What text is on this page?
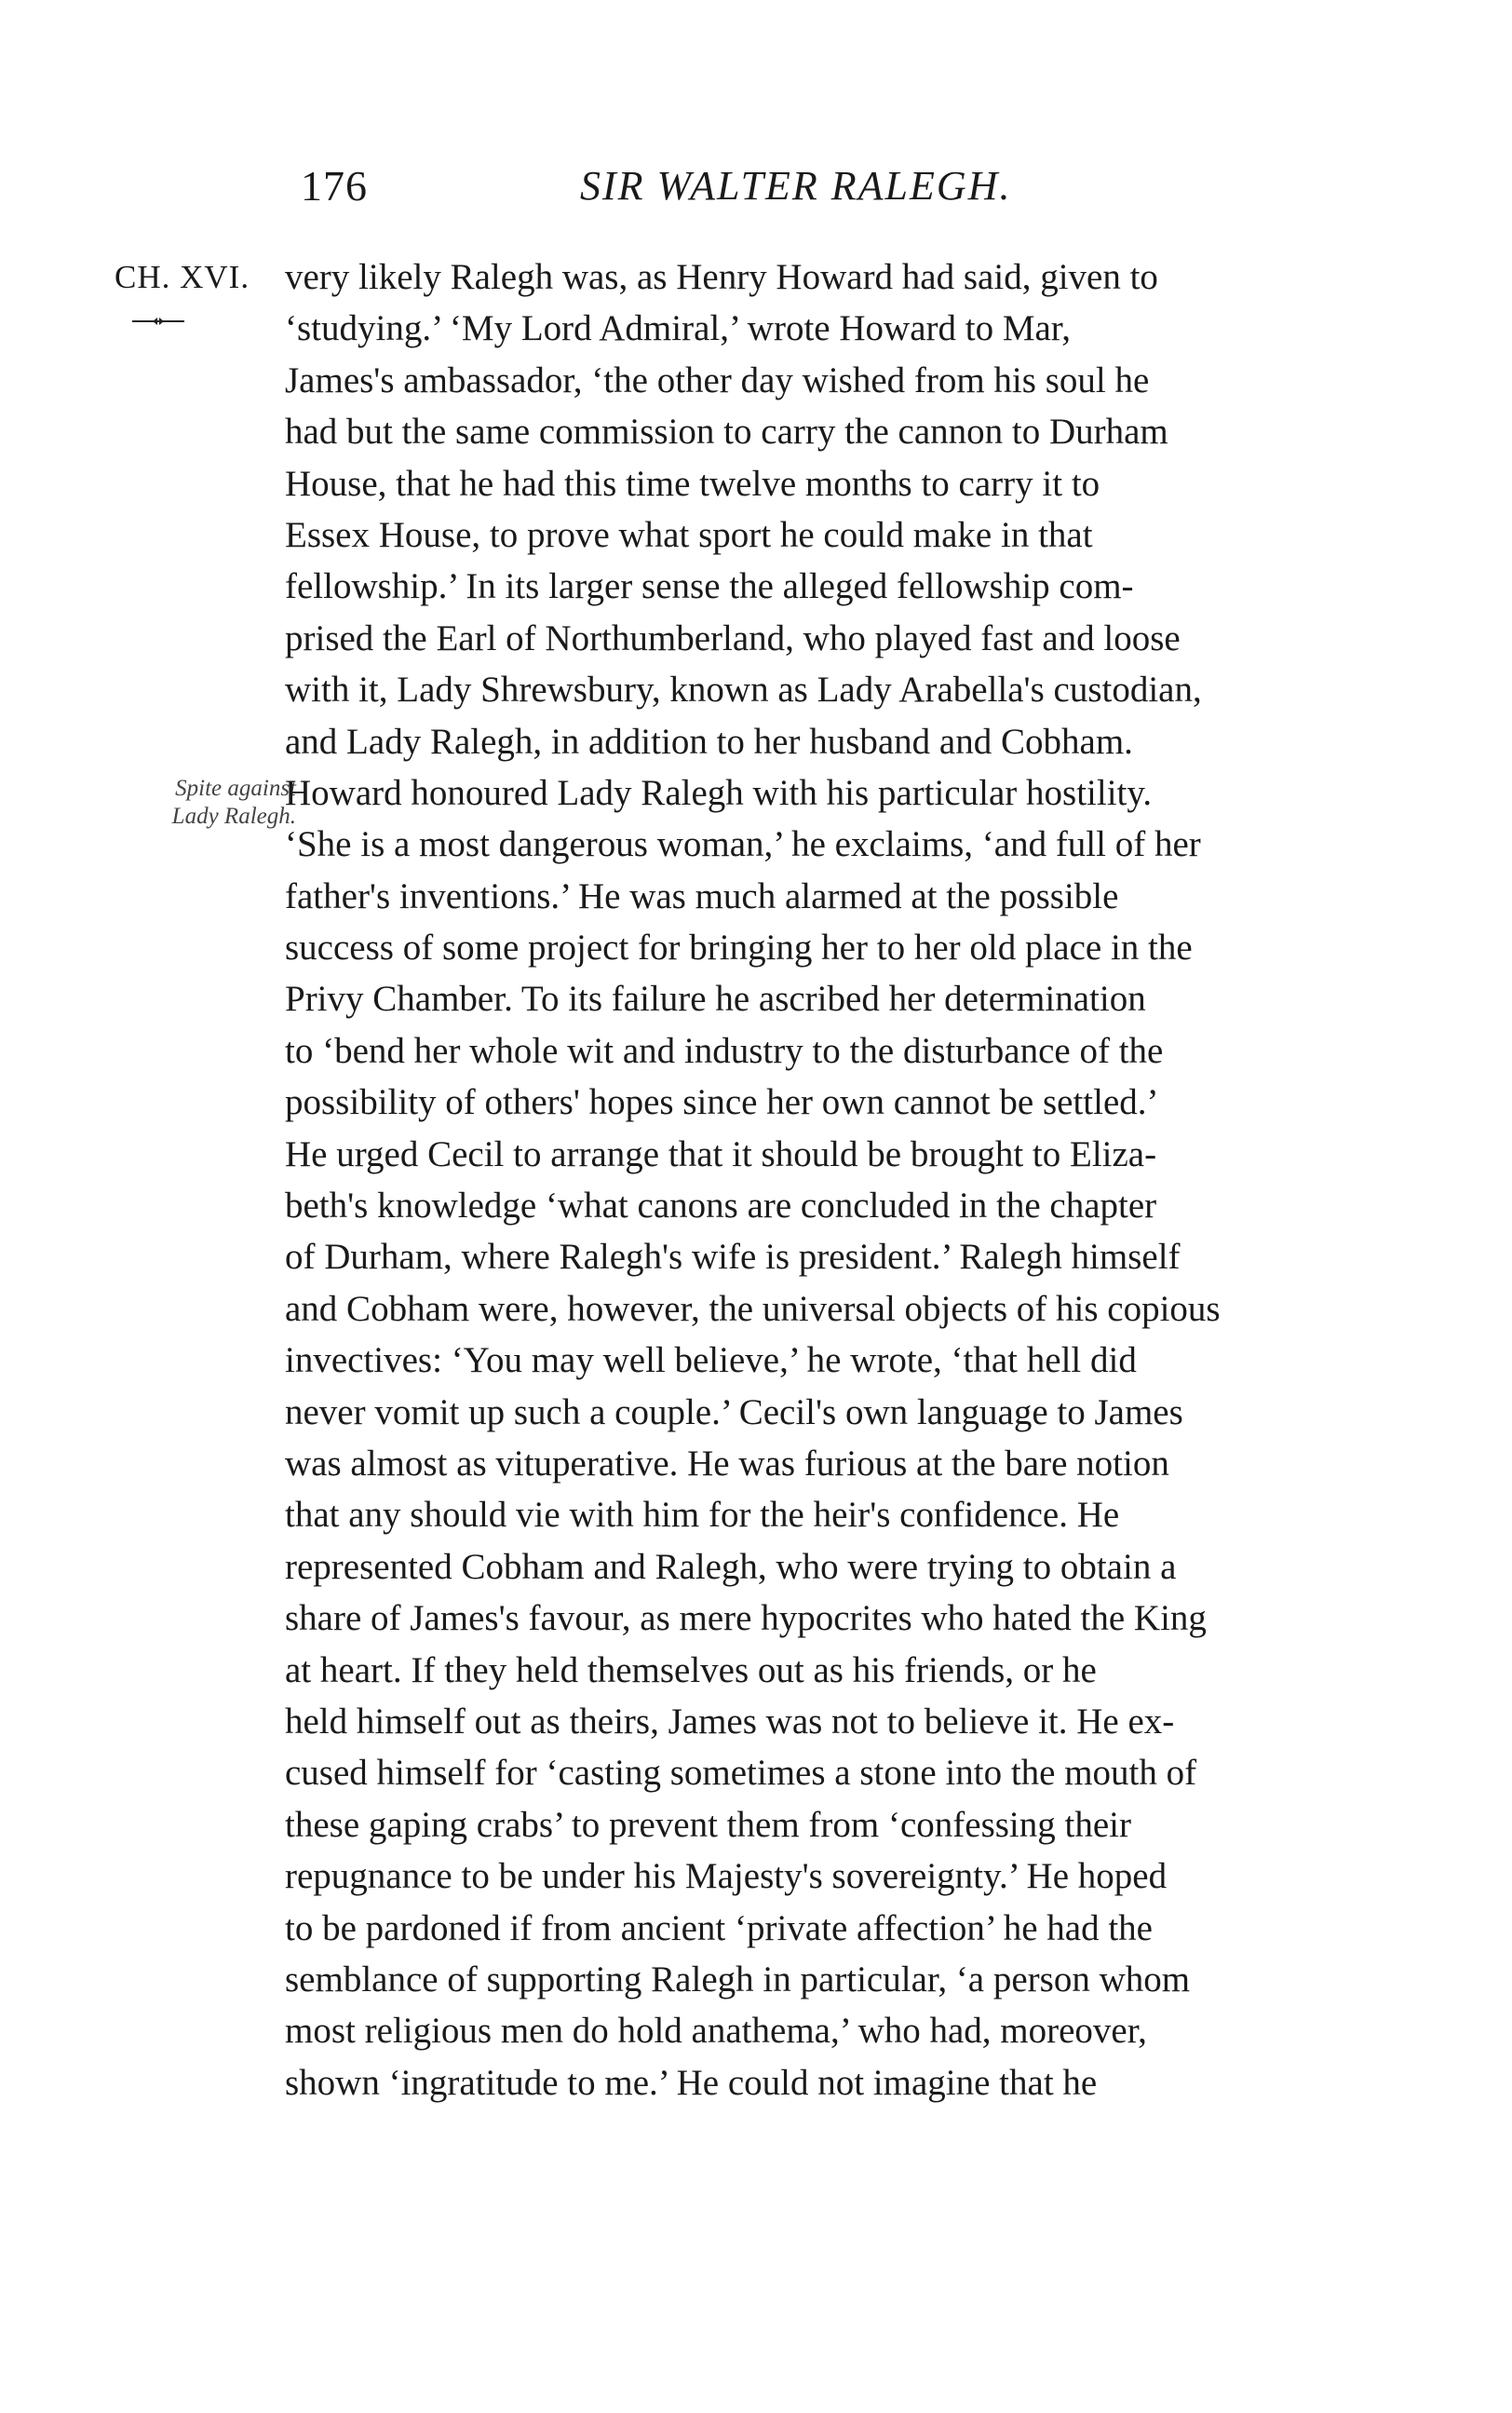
176	SIR WALTER RALEGH.
CH. XVI.
Spite against
Lady Ralegh.
very likely Ralegh was, as Henry Howard had said, given to
‘studying.’ ‘My Lord Admiral,’ wrote Howard to Mar,
James's ambassador, ‘the other day wished from his soul he
had but the same commission to carry the cannon to Durham
House, that he had this time twelve months to carry it to
Essex House, to prove what sport he could make in that
fellowship.’ In its larger sense the alleged fellowship com-
prised the Earl of Northumberland, who played fast and loose
with it, Lady Shrewsbury, known as Lady Arabella's custodian,
and Lady Ralegh, in addition to her husband and Cobham.
Howard honoured Lady Ralegh with his particular hostility.
‘She is a most dangerous woman,’ he exclaims, ‘and full of her
father's inventions.’ He was much alarmed at the possible
success of some project for bringing her to her old place in the
Privy Chamber. To its failure he ascribed her determination
to ‘bend her whole wit and industry to the disturbance of the
possibility of others' hopes since her own cannot be settled.’
He urged Cecil to arrange that it should be brought to Eliza-
beth's knowledge ‘what canons are concluded in the chapter
of Durham, where Ralegh's wife is president.’ Ralegh himself
and Cobham were, however, the universal objects of his copious
invectives: ‘You may well believe,’ he wrote, ‘that hell did
never vomit up such a couple.’ Cecil's own language to James
was almost as vituperative. He was furious at the bare notion
that any should vie with him for the heir's confidence. He
represented Cobham and Ralegh, who were trying to obtain a
share of James's favour, as mere hypocrites who hated the King
at heart. If they held themselves out as his friends, or he
held himself out as theirs, James was not to believe it. He ex-
cused himself for ‘casting sometimes a stone into the mouth of
these gaping crabs’ to prevent them from ‘confessing their
repugnance to be under his Majesty's sovereignty.’ He hoped
to be pardoned if from ancient ‘private affection’ he had the
semblance of supporting Ralegh in particular, ‘a person whom
most religious men do hold anathema,’ who had, moreover,
shown ‘ingratitude to me.’ He could not imagine that he
